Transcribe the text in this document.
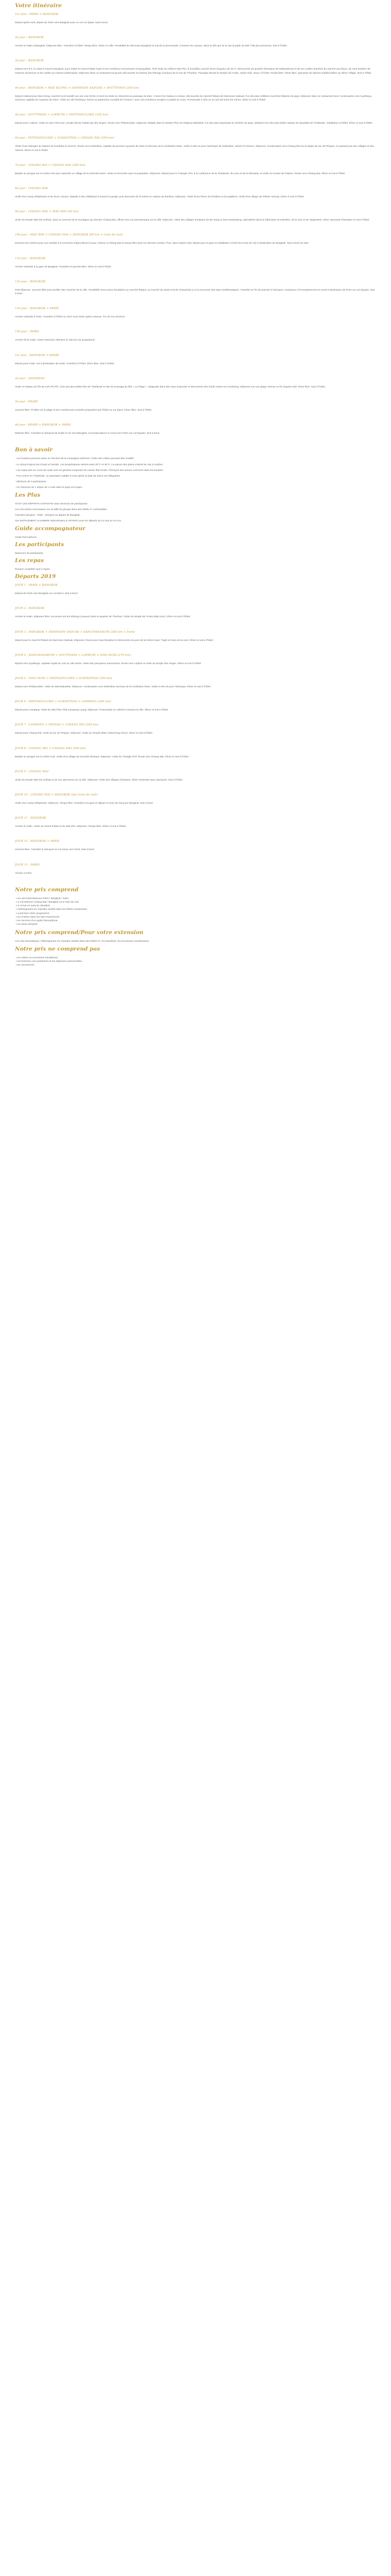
Votre itinéraire
1er jour : PARIS > BANGKOK

Départ après-midi, départ de Paris vers Bangkok pour un vol sur Qatar. Nuit à bord.

2è jour : BANGKOK

Arrivée le matin à Bangkok. Déjeuner libre. Transfert à l'hôtel. Temps libre. Dîner en ville. Possibilité de découvrir Bangkok la nuit de la promenade, à travers les canaux, dans la ville qui vit la nuit (à partir de 500 THB par personne). Nuit à l'hôtel.

3è jour : BANGKOK

Départ vers 8 h, le matin à travers Bangkok, pour visiter le Grand Palais royal et ses nombreux monuments remarquables. Puis visite du célèbre Wat Pho, le bouddha couché d'une longueur de 46 m. Découverte du quartier historique de Rattanakosin et de ses ruelles animées du marché aux fleurs, de rues bordées de maisons anciennes et de ruelles au charme authentique. Déjeuner dans un restaurant local puis découverte en bateau des khlongs (canaux) de la rive de Thonburi. Passage devant le temple de l'Aube. Après-midi, retour à l'hôtel. Temps libre. Dîner libre, spectacle de danses traditionnelles au Silom Village. Nuit à l'hôtel.

4è jour : BANGKOK > MAE KLONG > DAMNOEN SADUAK > AYUTTHAYA (250 km)

Départ matinal pour Mae Klong, marché local installé sur une voie ferrée et dont les étals se rétractent au passage du train. À bord d'un bateau à moteur, découverte du marché flottant de Damnoen Saduak, l'un des plus célèbres marchés flottants du pays. Déjeuner dans un restaurant local. Continuation vers Ayutthaya, ancienne capitale du royaume de Siam. Visite du site historique classé au patrimoine mondial de l'Unesco, avec ses nombreux temples et palais en ruine. Promenade à vélo ou en tuk-tuk entre les ruines. Dîner et nuit à l'hôtel.

5è jour : AYUTTHAYA > LOPBURI > PHITSANULOKE (330 km)

Départ pour Lopburi. Visite du San Phra Kan, temple khmer habité par des singes. Route vers Phitsanuloke. Déjeuner. Balade dans le temple Phra Sri Rattana Mahathat, l'un des plus importants et vénérés du pays, abritant l'une des plus belles statues de Bouddha de Thaïlande. Installation à l'hôtel. Dîner et nuit à l'hôtel.

6è jour : PHITSANULOKE > SUKHOTHAI > CHIANG RAI (250 km)

Visite d'une fabrique de statues de bouddha en bronze. Route vers Sukhothai, capitale du premier royaume de Siam et berceau de la civilisation thaïe. Visite à vélo du parc historique de Sukhothai, classé à l'Unesco. Déjeuner. Continuation vers Chiang Rai via la région du lac de Phayao, en passant par des villages et des rizières. Dîner et nuit à l'hôtel.

7è jour : CHIANG RAI > CHIANG MAI (280 km)

Balade en pirogue sur la rivière Kok pour rejoindre un village de la minorité Karen. Visite et rencontre avec la population. Déjeuner. Départ pour le Triangle d'Or, à la confluence de la Thaïlande, du Laos et de la Birmanie, et visite du musée de l'Opium. Route vers Chiang Mai. Dîner et nuit à l'hôtel.

8è jour : CHIANG MAI

Visite d'un camp d'éléphants et de leurs cornacs. Balade à dos d'éléphant à travers la jungle, puis descente de la rivière en radeau de bambou. Déjeuner. Visite d'une ferme d'orchidées et de papillons. Visite d'un village de l'ethnie Hmong. Dîner et nuit à l'hôtel.

9è jour : CHIANG MAI > MAE RIM (60 km)

Visite du temple Wat Doi Suthep, situé au sommet de la montagne qui domine Chiang Mai, offrant une vue panoramique sur la ville. Déjeuner. Visite des villages d'artisans de Bo Sang et San Kamphaeng, spécialisés dans la fabrication d'ombrelles, de la soie et de l'argenterie. Dîner spectacle Khantoke et nuit à l'hôtel.

10è jour : MAE RIM > CHIANG MAI > BANGKOK (60 km + train de nuit)

Direction les rizières pour une activité à la rencontre d'agriculteurs locaux. Retour à Chiang Mai et temps libre pour les derniers achats. Puis, dans l'après-midi, départ pour la gare et installation à bord d'un train de nuit à destination de Bangkok. Nuit à bord du train.

11è jour : BANGKOK

Arrivée matinale à la gare de Bangkok. Transfert et journée libre. Dîner et nuit à l'hôtel.

12è jour : BANGKOK

Petit déjeuner. Journée libre pour profiter des marchés de la ville. Possibilité d'excursion facultative au marché flottant, au marché du week-end de Chatuchak ou à la rencontre des sites emblématiques. Transfert en fin de journée à l'aéroport. Assistance à l'enregistrement et envol à destination de Paris sur vol régulier. Nuit à bord.

13è jour : BANGKOK > PARIS

Arrivée matinale à Paris. Transfert à l'hôtel ou chez vous selon option retenue. Fin de nos services.

14è jour : PARIS

Arrivée tôt le matin. Notre extension démarre le 13è jour du programme.

1er jour : BANGKOK > KRABI

Départ pour Krabi. Vol à destination de Krabi. Transfert à l'hôtel. Dîner libre. Nuit à l'hôtel.

2è jour : ANDAMAN

Visite en bateau de l'île de Koh Phi Phi, l'une des plus belles îles de Thaïlande et site de tournage du film « La Plage ». Baignade dans des eaux turquoise et découverte des fonds marins en snorkeling. Déjeuner sur une plage. Retour en fin d'après-midi. Dîner libre. Nuit à l'hôtel.

3è jour : KRABI

Journée libre. Profitez de la plage et des nombreuses activités proposées par l'hôtel ou sur place. Dîner libre. Nuit à l'hôtel.

4è jour : KRABI > BANGKOK > PARIS

Matinée libre. Transfert à l'aéroport de Krabi et vol vers Bangkok. Correspondance et envol vers Paris sur vol régulier. Nuit à bord.

Bon à savoir

- Les horaires peuvent varier en fonction de la compagnie aérienne. Ordre des visites pouvant être modifié.

- Le climat tropical est chaud et humide. Les températures varient entre 20°C et 35°C. La saison des pluies s'étend de mai à octobre.

- Les repas pris en cours de route sont en général composés de cuisine thaï locale. Prévoyez des tenues correctes dans les temples.

- Pour entrer en Thaïlande, un passeport valable 6 mois après la date de retour est obligatoire.

- Minimum de 2 participants.

- Un minimum de 1 séjour de 4 nuits dans le pays est requis.

Les Plus

TOUT LES DÉPARTS GARANTIS sans minimum de participants.

Les rencontres sont basées sur la taille du groupe dans des hôtels 4* confortables.

Transfert aéroport - hôtel - aéroport au départ de Bangkok.

UN SUPPLÉMENT CHAMBRE INDIVIDUELLE OFFERT pour les départs du 14 mai au 1er oct.

Guide accompagnateur

Guide francophone.

Les participants

Maximum 30 participants.

Les repas

Pension complète sauf 2 repas.

Départs 2019
JOUR 1 : PARIS > BANGKOK

Départ de Paris vers Bangkok sur vol direct. Nuit à bord.

JOUR 2 : BANGKOK

Arrivée le matin. Déjeuner libre. Excursion sur les khlongs (canaux) dans le quartier de Thonburi. Visite du temple de l'Aube (Wat Arun). Dîner et nuit à l'hôtel.

JOUR 3 : BANGKOK > DAMNOEN SADUAK > KANCHANABURI (200 km + train)

Départ pour le marché flottant de Damnoen Saduak. Déjeuner. Route pour Kanchanaburi et découverte du pont de la rivière Kwaï. Trajet en train de la mort. Dîner et nuit à l'hôtel.

JOUR 4 : KANCHANABURI > AYUTTHAYA > LOPBURI > SING BURI (270 km)

Départ vers Ayutthaya, capitale royale du 14è au 18è siècle. Visite des principaux monuments. Route vers Lopburi et visite du temple des singes. Dîner et nuit à l'hôtel.

JOUR 5 : SING BURI > PHITSANULOKE > SUKHOTHAI (350 km)

Départ vers Phitsanuloke. Visite du Wat Mahathat. Déjeuner. Continuation vers Sukhothai, berceau de la civilisation thaïe. Visite à vélo du parc historique. Dîner et nuit à l'hôtel.

JOUR 6 : PHITSANULOKE > SUKHOTHAI > LAMPANG (260 km)

Départ pour Lampang. Visite du Wat Phra That Lampang Luang. Déjeuner. Promenade en calèche à travers la ville. Dîner et nuit à l'hôtel.

JOUR 7 : LAMPANG > PHAYAO > CHIANG RAI (290 km)

Départ pour Chiang Rai. Visite du lac de Phayao. Déjeuner. Visite du Temple Blanc (Wat Rong Khun). Dîner et nuit à l'hôtel.

JOUR 8 : CHIANG RAI > CHIANG MAI (260 km)

Balade en pirogue sur la rivière Kok. Visite d'un village de minorité ethnique. Déjeuner. Visite du Triangle d'Or. Route vers Chiang Mai. Dîner et nuit à l'hôtel.

JOUR 9 : CHIANG MAI

Visite du temple Wat Doi Suthep et de son panorama sur la ville. Déjeuner. Visite des villages d'artisans. Dîner Khantoke avec spectacle. Nuit à l'hôtel.

JOUR 10 : CHIANG MAI > BANGKOK (par train de nuit)

Visite d'un camp d'éléphants. Déjeuner. Temps libre. Transfert à la gare et départ en train de nuit pour Bangkok. Nuit à bord.

JOUR 11 : BANGKOK

Arrivée le matin. Visite du Grand Palais et du Wat Pho. Déjeuner. Temps libre. Dîner et nuit à l'hôtel.

JOUR 12 : BANGKOK > PARIS

Journée libre. Transfert à l'aéroport et vol retour vers Paris. Nuit à bord.

JOUR 13 : PARIS

Arrivée à Paris.

Notre prix comprend
- Les vols internationaux Paris / Bangkok / Paris.
- Le vol intérieur Chiang Mai / Bangkok ou le train de nuit.
- Le circuit en autocar climatisé.
- L'hébergement en chambre double dans les hôtels mentionnés.
- La pension selon programme.
- Les entrées dans les sites mentionnés.
- Les services d'un guide francophone.
- Les taxes aéroport.
Notre prix comprend/Pour votre extension

Les vols domestiques, l'hébergement en chambre double dans des hôtels 4*, les transferts, les excursions mentionnées.

Notre prix ne comprend pas
- Les visites ou excursions facultatives.
- Les boissons, les pourboires et les dépenses personnelles.
- Les assurances.
